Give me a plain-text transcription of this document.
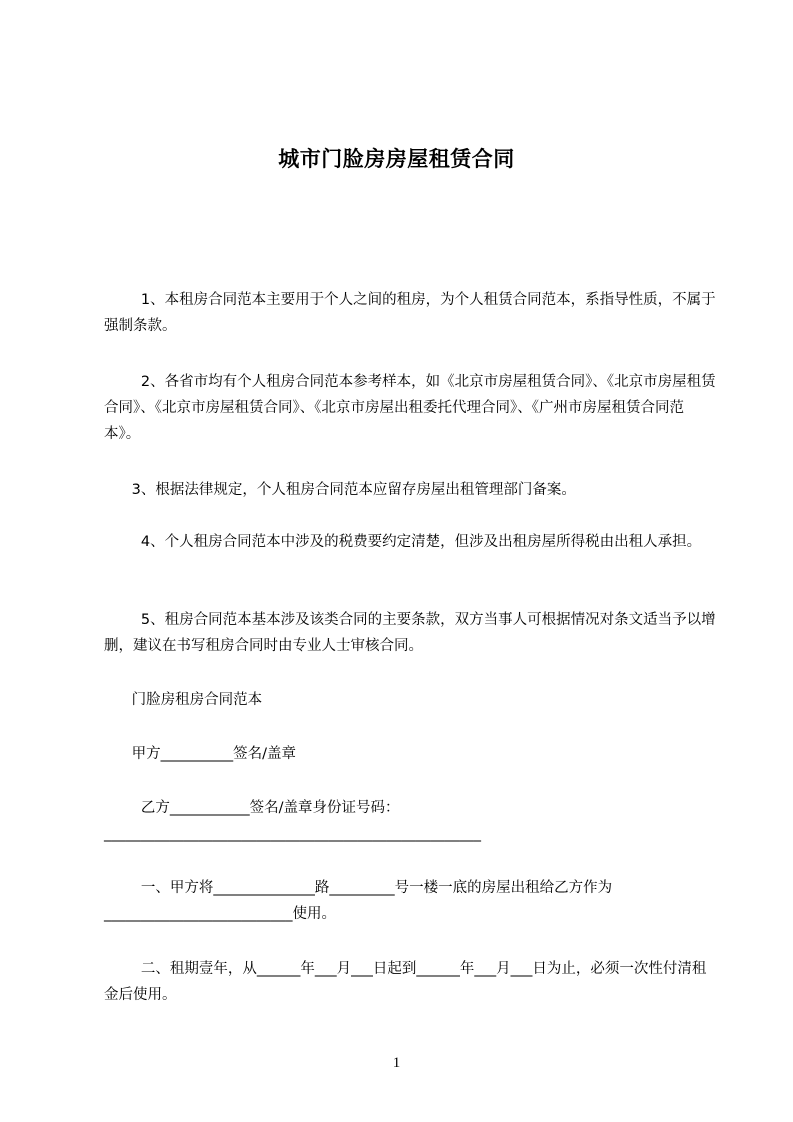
城市门脸房房屋租赁合同
1、本租房合同范本主要用于个人之间的租房，为个人租赁合同范本，系指导性质，不属于强制条款。
2、各省市均有个人租房合同范本参考样本，如《北京市房屋租赁合同》、《北京市房屋租赁合同》、《北京市房屋租赁合同》、《北京市房屋出租委托代理合同》、《广州市房屋租赁合同范本》。
3、根据法律规定，个人租房合同范本应留存房屋出租管理部门备案。
4、个人租房合同范本中涉及的税费要约定清楚，但涉及出租房屋所得税由出租人承担。
5、租房合同范本基本涉及该类合同的主要条款，双方当事人可根据情况对条文适当予以增删，建议在书写租房合同时由专业人士审核合同。
门脸房租房合同范本
甲方__________签名/盖章
乙方___________签名/盖章身份证号码：____________________________________________________
一、甲方将______________路_________号一楼一底的房屋出租给乙方作为__________________________使用。
二、租期壹年，从______年___月___日起到______年___月___日为止，必须一次性付清租金后使用。
1
